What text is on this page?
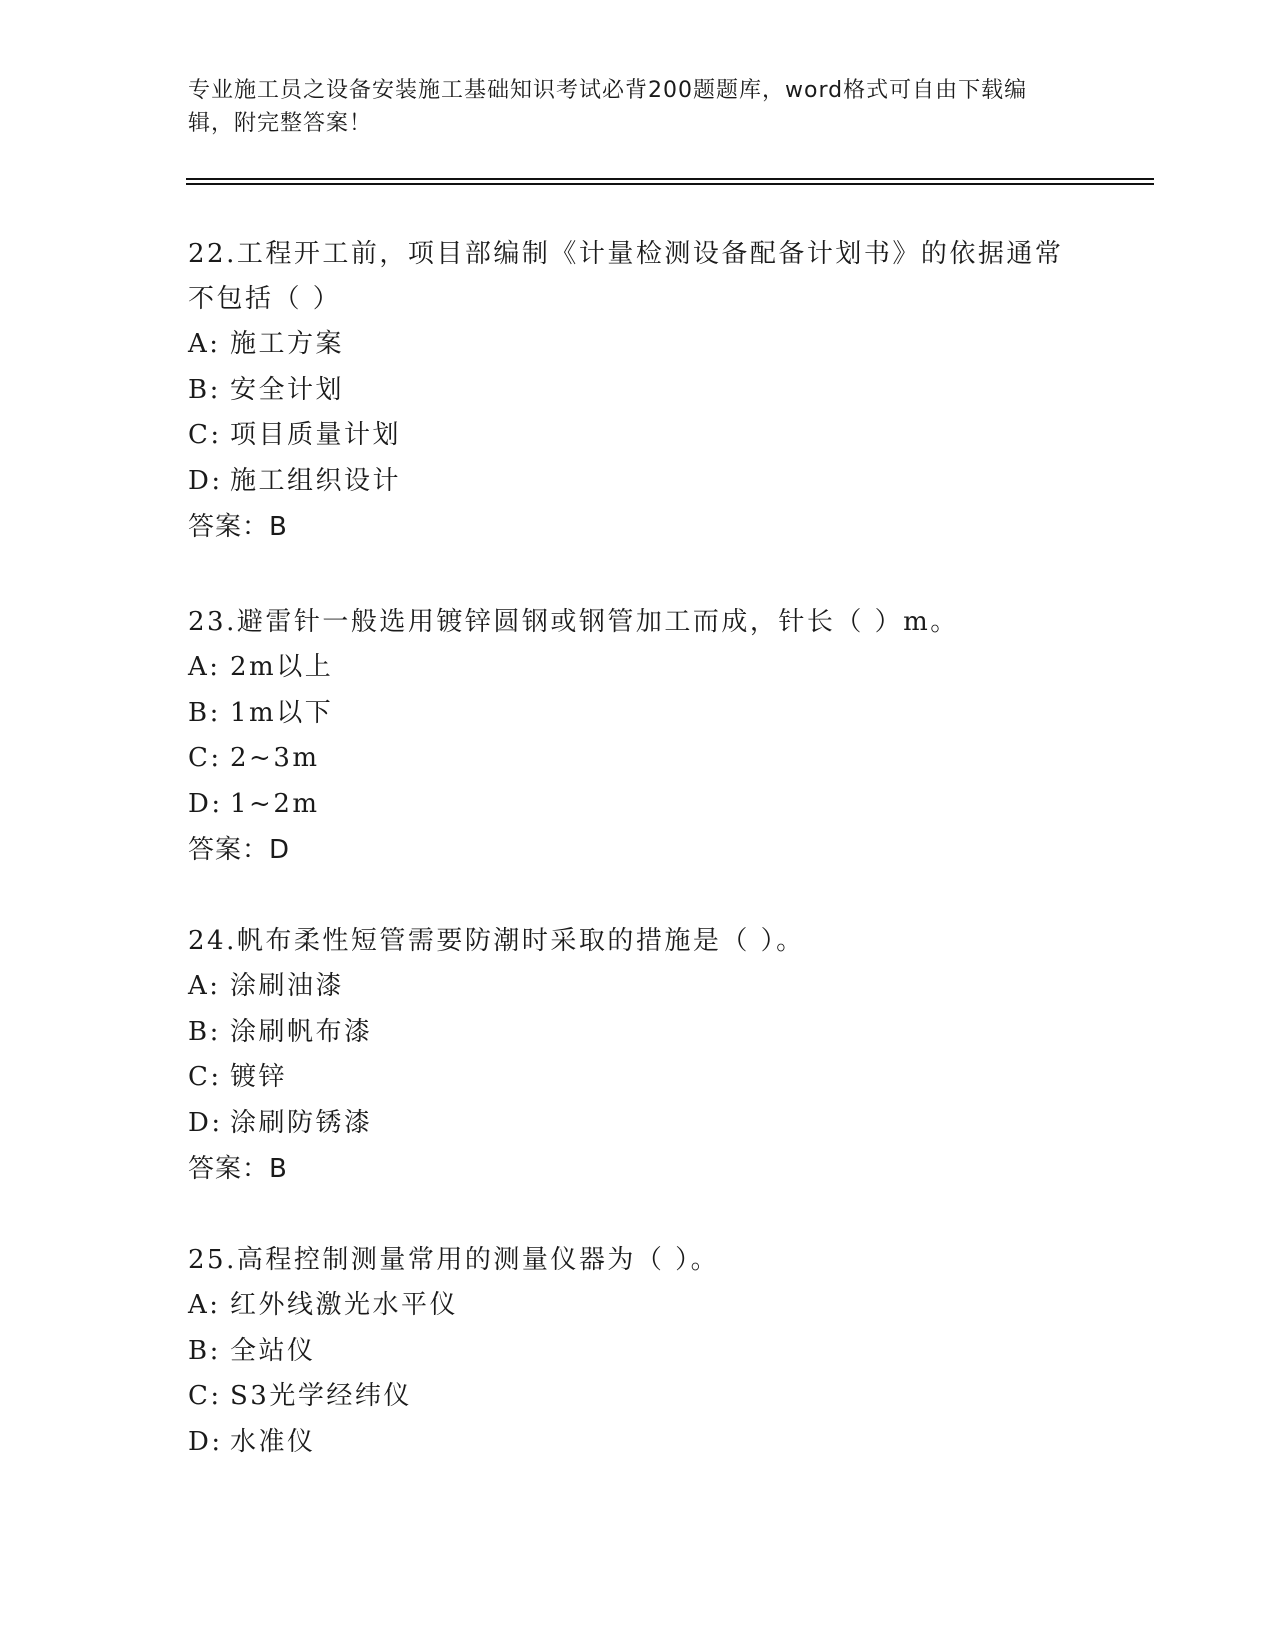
专业施工员之设备安装施工基础知识考试必背200题题库，word格式可自由下载编辑，附完整答案！

22.工程开工前，项目部编制《计量检测设备配备计划书》的依据通常不包括（ ）

A: 施工方案

B: 安全计划

C: 项目质量计划

D: 施工组织设计

答案：B

23.避雷针一般选用镀锌圆钢或钢管加工而成，针长（ ）m。

A: 2m以上

B: 1m以下

C: 2~3m

D: 1~2m

答案：D

24.帆布柔性短管需要防潮时采取的措施是（ ）。

A: 涂刷油漆

B: 涂刷帆布漆

C: 镀锌

D: 涂刷防锈漆

答案：B

25.高程控制测量常用的测量仪器为（ ）。

A: 红外线激光水平仪

B: 全站仪

C: S3光学经纬仪

D: 水准仪
